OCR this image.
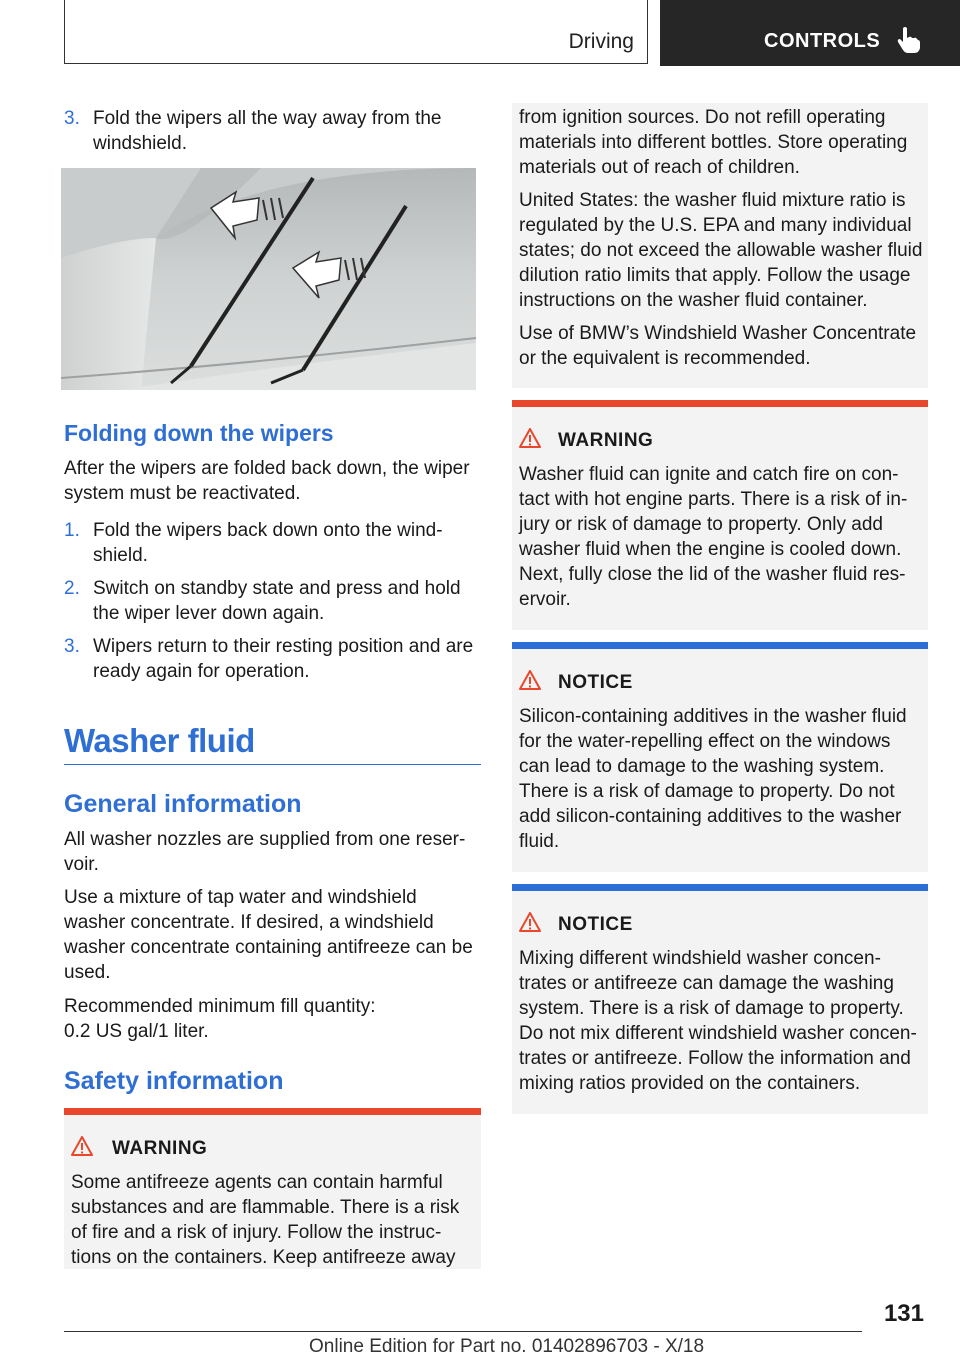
Driving	CONTROLS
3. Fold the wipers all the way away from the windshield.
Folding down the wipers

After the wipers are folded back down, the wiper system must be reactivated.

1. Fold the wipers back down onto the wind-shield.
2. Switch on standby state and press and hold the wiper lever down again.
3. Wipers return to their resting position and are ready again for operation.
Washer fluid
General information

All washer nozzles are supplied from one reser-voir.

Use a mixture of tap water and windshield washer concentrate. If desired, a windshield washer concentrate containing antifreeze can be used.

Recommended minimum fill quantity:

0.2 US gal/1 liter.

Safety information
WARNING
Some antifreeze agents can contain harmful substances and are flammable. There is a risk of fire and a risk of injury. Follow the instruc-tions on the containers. Keep antifreeze away
from ignition sources. Do not refill operating materials into different bottles. Store operating materials out of reach of children.
United States: the washer fluid mixture ratio is regulated by the U.S. EPA and many individual states; do not exceed the allowable washer fluid dilution ratio limits that apply. Follow the usage instructions on the washer fluid container.
Use of BMW’s Windshield Washer Concentrate or the equivalent is recommended.
WARNING
Washer fluid can ignite and catch fire on con-tact with hot engine parts. There is a risk of in-jury or risk of damage to property. Only add washer fluid when the engine is cooled down. Next, fully close the lid of the washer fluid res-ervoir.
NOTICE
Silicon-containing additives in the washer fluid for the water-repelling effect on the windows can lead to damage to the washing system. There is a risk of damage to property. Do not add silicon-containing additives to the washer fluid.
NOTICE
Mixing different windshield washer concen-trates or antifreeze can damage the washing system. There is a risk of damage to property. Do not mix different windshield washer concen-trates or antifreeze. Follow the information and mixing ratios provided on the containers.
131
Online Edition for Part no. 01402896703 - X/18
